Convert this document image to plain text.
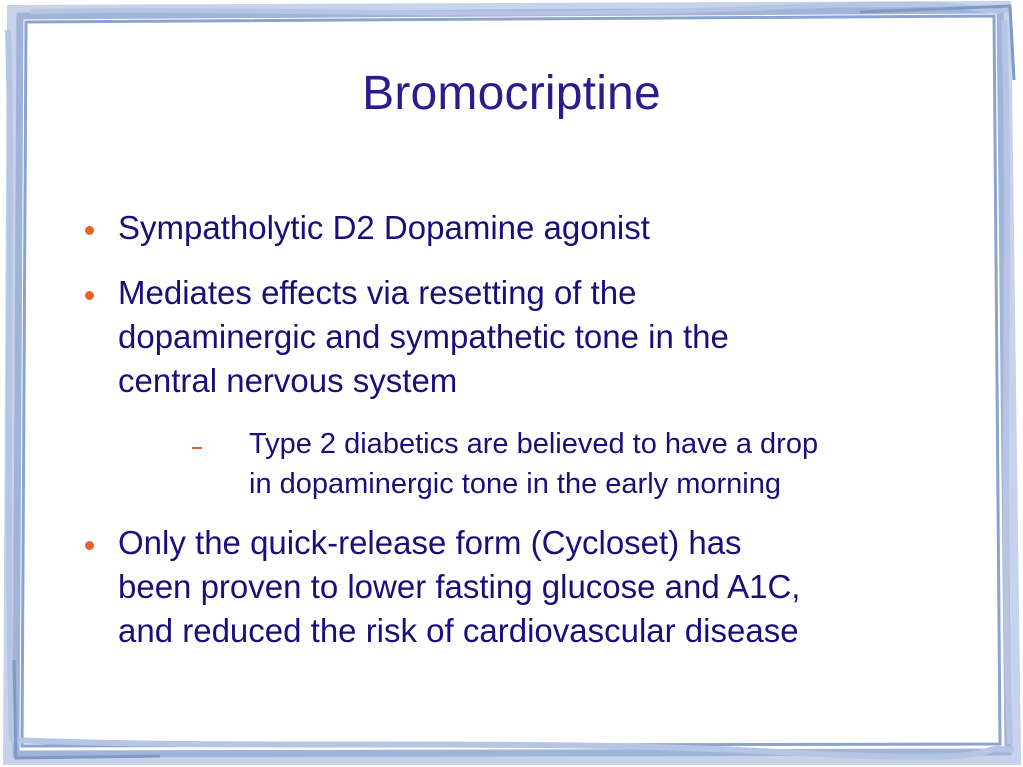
Bromocriptine
Sympatholytic D2 Dopamine agonist
Mediates effects via resetting of the
dopaminergic and sympathetic tone in the
central nervous system
Type 2 diabetics are believed to have a drop
in dopaminergic tone in the early morning
Only the quick-release form (Cycloset) has
been proven to lower fasting glucose and A1C,
and reduced the risk of cardiovascular disease
